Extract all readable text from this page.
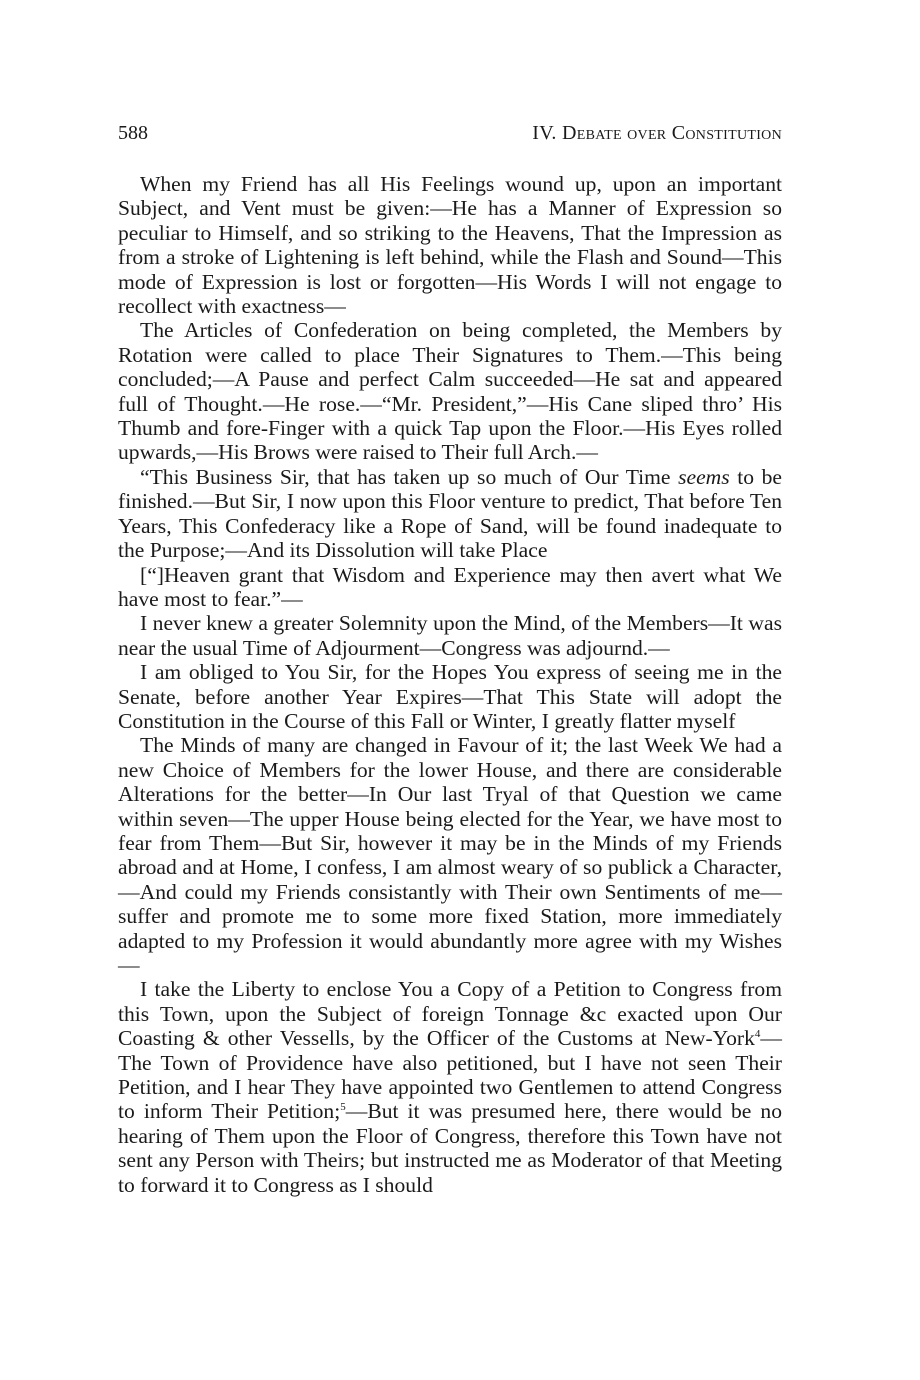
588	IV. Debate over Constitution

When my Friend has all His Feelings wound up, upon an important Subject, and Vent must be given:—He has a Manner of Expression so peculiar to Himself, and so striking to the Heavens, That the Impression as from a stroke of Lightening is left behind, while the Flash and Sound—This mode of Expression is lost or forgotten—His Words I will not engage to recollect with exactness—

The Articles of Confederation on being completed, the Members by Rotation were called to place Their Signatures to Them.—This being concluded;—A Pause and perfect Calm succeeded—He sat and appeared full of Thought.—He rose.—“Mr. President,”—His Cane sliped thro’ His Thumb and fore-Finger with a quick Tap upon the Floor.—His Eyes rolled upwards,—His Brows were raised to Their full Arch.—

“This Business Sir, that has taken up so much of Our Time seems to be finished.—But Sir, I now upon this Floor venture to predict, That before Ten Years, This Confederacy like a Rope of Sand, will be found inadequate to the Purpose;—And its Dissolution will take Place

[“]Heaven grant that Wisdom and Experience may then avert what We have most to fear.”—

I never knew a greater Solemnity upon the Mind, of the Members—It was near the usual Time of Adjourment—Congress was adjournd.—

I am obliged to You Sir, for the Hopes You express of seeing me in the Senate, before another Year Expires—That This State will adopt the Constitution in the Course of this Fall or Winter, I greatly flatter myself

The Minds of many are changed in Favour of it; the last Week We had a new Choice of Members for the lower House, and there are considerable Alterations for the better—In Our last Tryal of that Question we came within seven—The upper House being elected for the Year, we have most to fear from Them—But Sir, however it may be in the Minds of my Friends abroad and at Home, I confess, I am almost weary of so publick a Character,—And could my Friends consistantly with Their own Sentiments of me—suffer and promote me to some more fixed Station, more immediately adapted to my Profession it would abundantly more agree with my Wishes—

I take the Liberty to enclose You a Copy of a Petition to Congress from this Town, upon the Subject of foreign Tonnage &c exacted upon Our Coasting & other Vessells, by the Officer of the Customs at New-York$^4$—The Town of Providence have also petitioned, but I have not seen Their Petition, and I hear They have appointed two Gentlemen to attend Congress to inform Their Petition;$^5$—But it was presumed here, there would be no hearing of Them upon the Floor of Congress, therefore this Town have not sent any Person with Theirs; but instructed me as Moderator of that Meeting to forward it to Congress as I should
